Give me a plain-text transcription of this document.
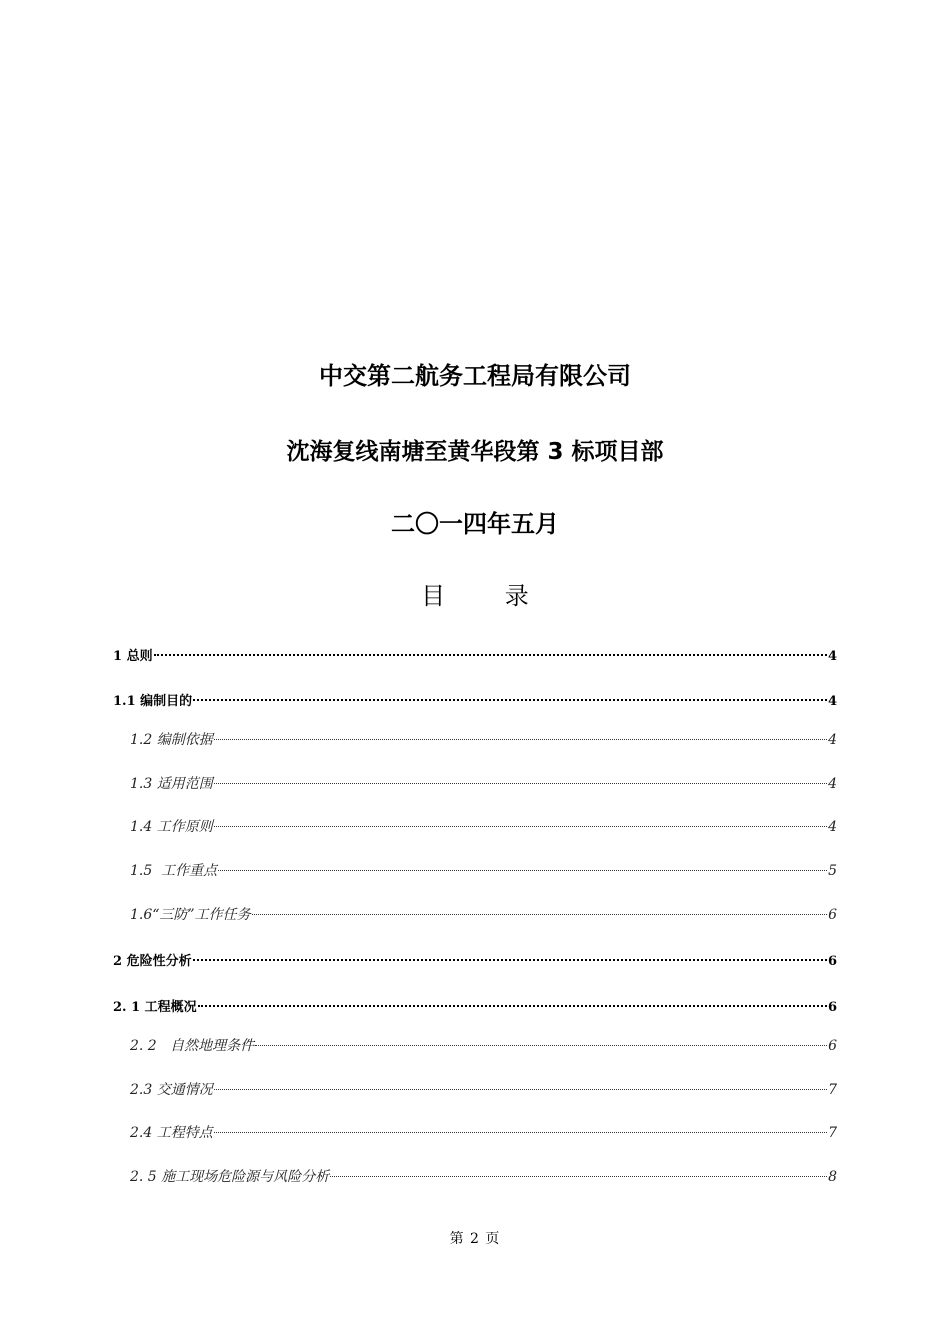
中交第二航务工程局有限公司
沈海复线南塘至黄华段第 3 标项目部
二〇一四年五月
目 录
1 总则	4
1.1 编制目的	4
1.2 编制依据	4
1.3 适用范围	4
1.4 工作原则	4
1.5  工作重点	5
1.6“三防”工作任务	6
2 危险性分析	6
2. 1 工程概况	6
2. 2   自然地理条件	6
2.3 交通情况	7
2.4 工程特点	7
2. 5 施工现场危险源与风险分析	8
第 2 页
